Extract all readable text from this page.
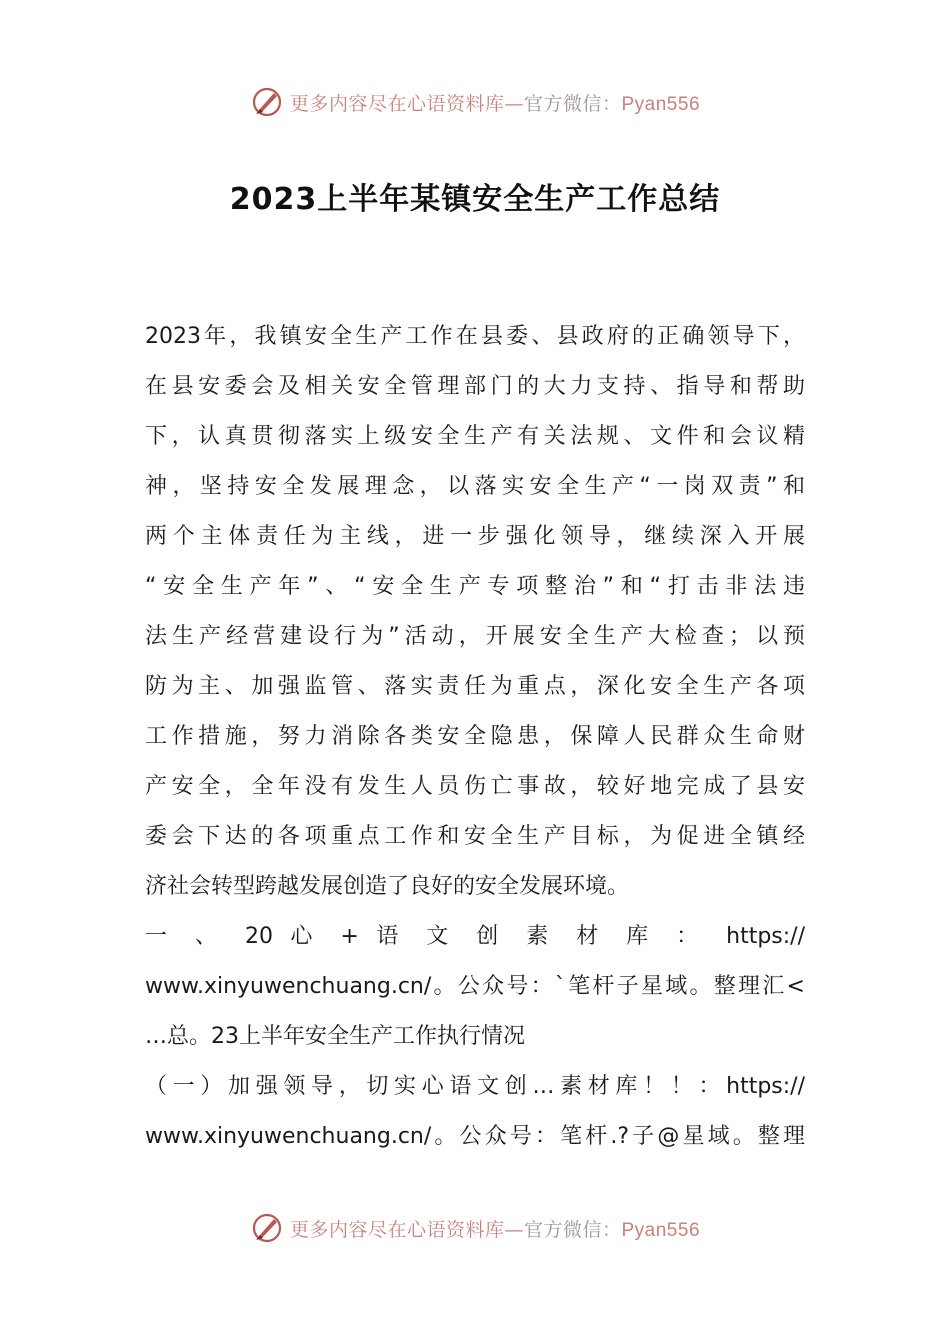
更多内容尽在心语资料库—官方微信：Pyan556
2023上半年某镇安全生产工作总结
2023年，我镇安全生产工作在县委、县政府的正确领导下，
在县安委会及相关安全管理部门的大力支持、指导和帮助
下，认真贯彻落实上级安全生产有关法规、文件和会议精
神，坚持安全发展理念，以落实安全生产“一岗双责”和
两个主体责任为主线，进一步强化领导，继续深入开展
“安全生产年”、“安全生产专项整治”和“打击非法违
法生产经营建设行为”活动，开展安全生产大检查；以预
防为主、加强监管、落实责任为重点，深化安全生产各项
工作措施，努力消除各类安全隐患，保障人民群众生命财
产安全，全年没有发生人员伤亡事故，较好地完成了县安
委会下达的各项重点工作和安全生产目标，为促进全镇经
济社会转型跨越发展创造了良好的安全发展环境。
一 、 20 心 + 语 文 创 素 材 库 ： https://
www.xinyuwenchuang.cn/。公众号：`笔杆子星域。整理汇<
…总。23上半年安全生产工作执行情况
（一）加强领导，切实心语文创…素材库！！：https://
www.xinyuwenchuang.cn/。公众号：笔杆.?子@星域。整理
更多内容尽在心语资料库—官方微信：Pyan556
